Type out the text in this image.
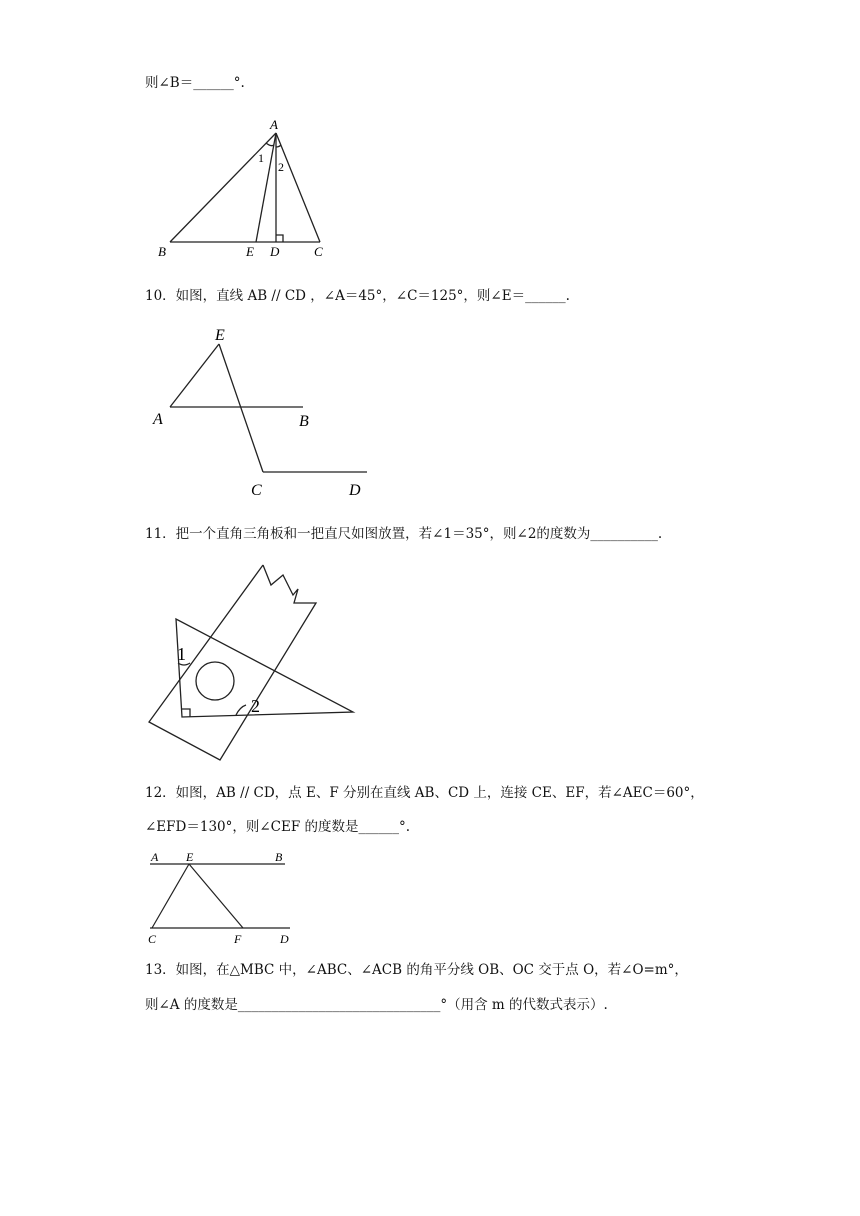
则∠B＝______°.
A
1
2
B	E D	C
10．如图，直线 AB // CD ，∠A＝45°，∠C＝125°，则∠E＝______.
E
A	B
C	D
11．把一个直角三角板和一把直尺如图放置，若∠1＝35°，则∠2的度数为__________.
1
2
12．如图，AB // CD，点 E、F 分别在直线 AB、CD 上，连接 CE、EF，若∠AEC＝60°，
∠EFD＝130°，则∠CEF 的度数是______°.
A E	B
C	F	D
13．如图，在△MBC 中，∠ABC、∠ACB 的角平分线 OB、OC 交于点 O，若∠O=m°，
则∠A 的度数是______________________________°（用含 m 的代数式表示）.
